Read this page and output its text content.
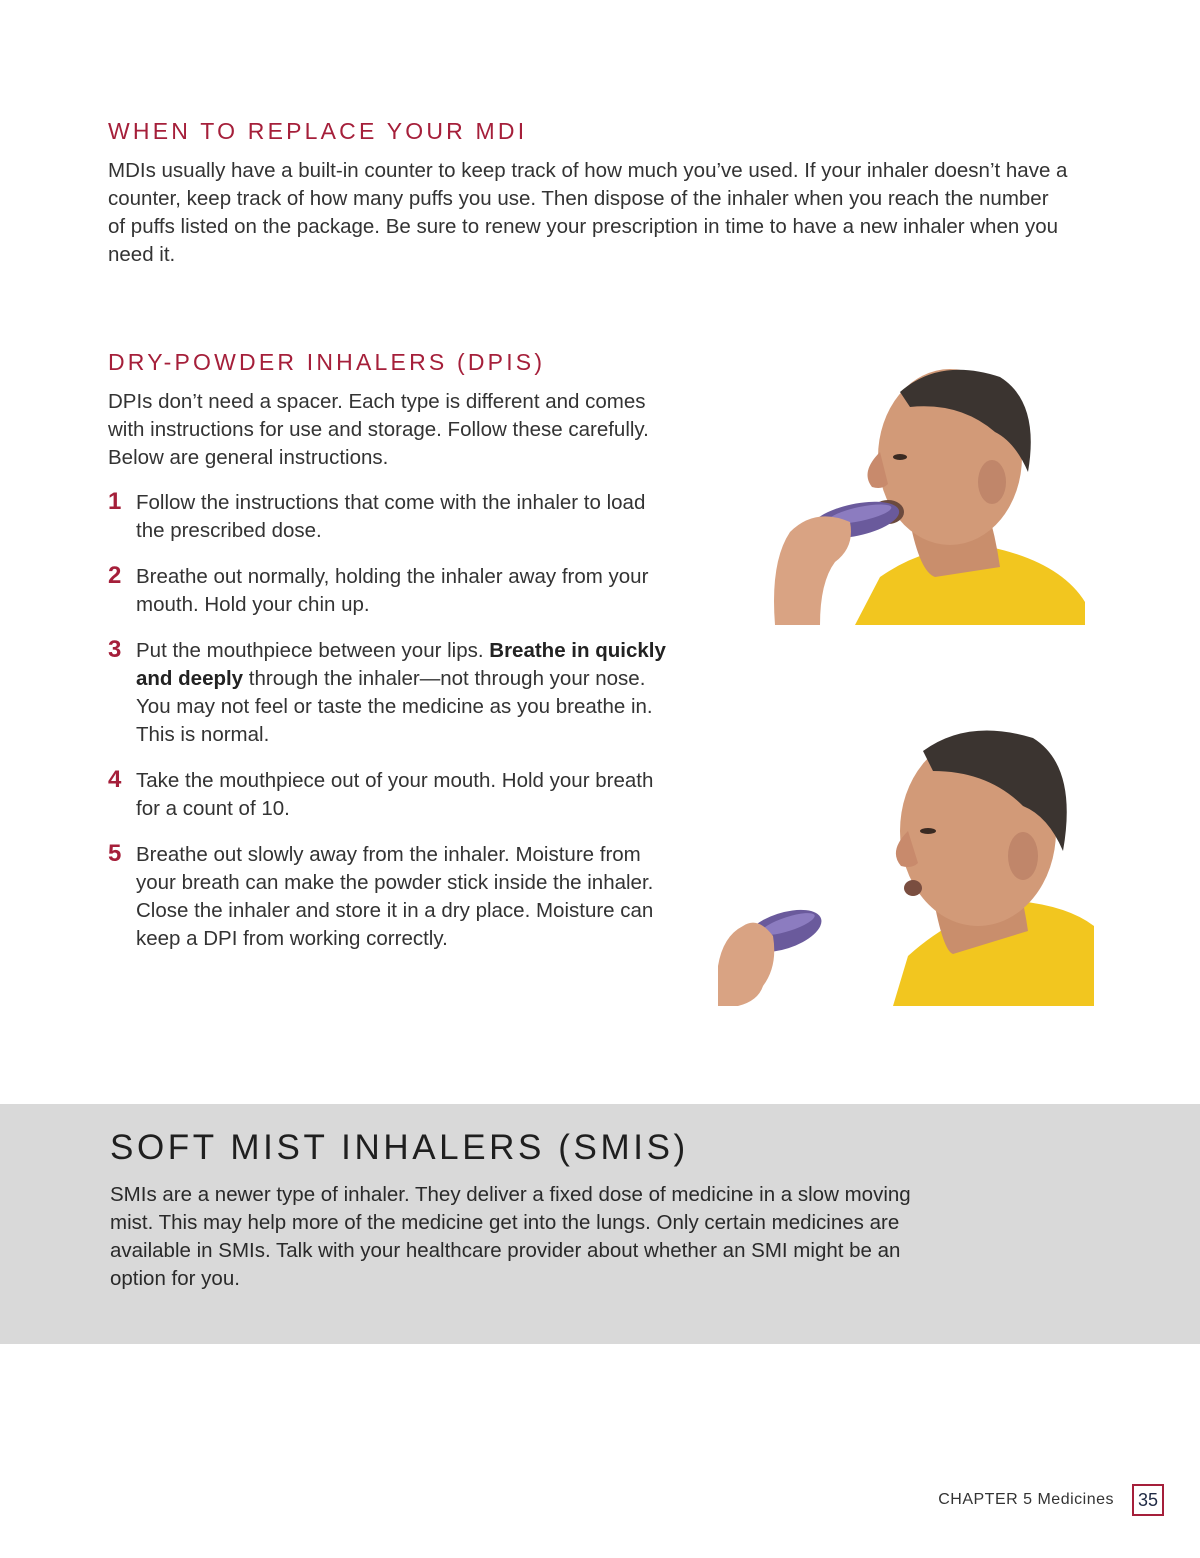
WHEN TO REPLACE YOUR MDI

MDIs usually have a built-in counter to keep track of how much you’ve used. If your inhaler doesn’t have a counter, keep track of how many puffs you use. Then dispose of the inhaler when you reach the number of puffs listed on the package. Be sure to renew your prescription in time to have a new inhaler when you need it.

DRY-POWDER INHALERS (DPIS)

DPIs don’t need a spacer. Each type is different and comes with instructions for use and storage. Follow these carefully. Below are general instructions.

1 Follow the instructions that come with the inhaler to load the prescribed dose.
2 Breathe out normally, holding the inhaler away from your mouth. Hold your chin up.
3 Put the mouthpiece between your lips. Breathe in quickly and deeply through the inhaler—not through your nose. You may not feel or taste the medicine as you breathe in. This is normal.
4 Take the mouthpiece out of your mouth. Hold your breath for a count of 10.
5 Breathe out slowly away from the inhaler. Moisture from your breath can make the powder stick inside the inhaler. Close the inhaler and store it in a dry place. Moisture can keep a DPI from working correctly.
SOFT MIST INHALERS (SMIS)

SMIs are a newer type of inhaler. They deliver a fixed dose of medicine in a slow moving mist. This may help more of the medicine get into the lungs. Only certain medicines are available in SMIs. Talk with your healthcare provider about whether an SMI might be an option for you.

CHAPTER 5 Medicines	35
